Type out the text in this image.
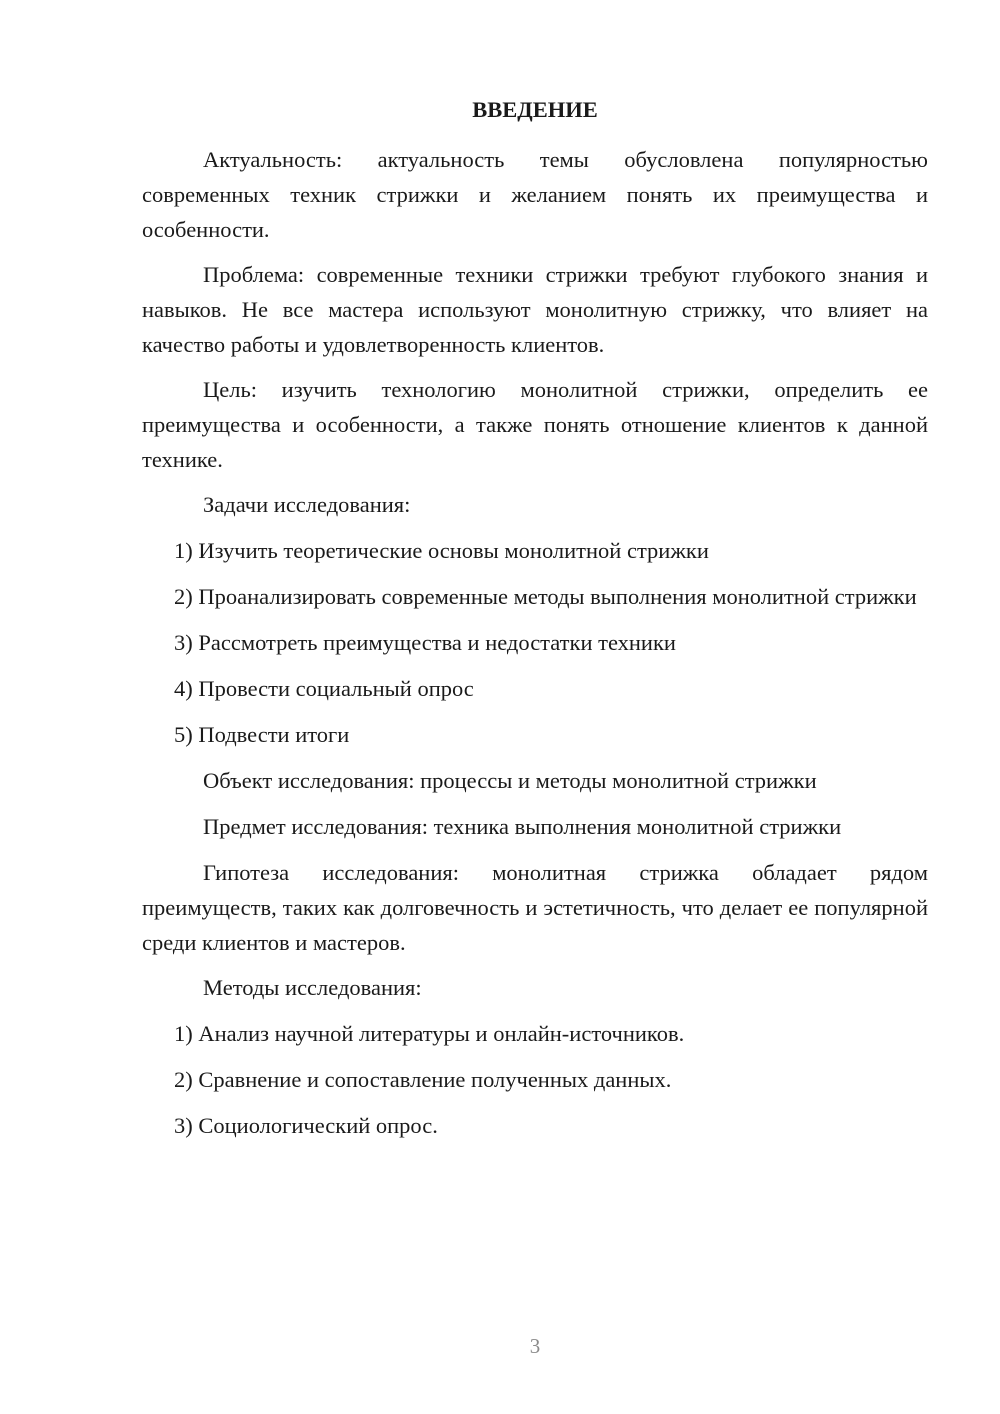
ВВЕДЕНИЕ
Актуальность: актуальность темы обусловлена популярностью современных техник стрижки и желанием понять их преимущества и особенности.
Проблема: современные техники стрижки требуют глубокого знания и навыков. Не все мастера используют монолитную стрижку, что влияет на качество работы и удовлетворенность клиентов.
Цель: изучить технологию монолитной стрижки, определить ее преимущества и особенности, а также понять отношение клиентов к данной технике.
Задачи исследования:
1) Изучить теоретические основы монолитной стрижки
2) Проанализировать современные методы выполнения монолитной стрижки
3) Рассмотреть преимущества и недостатки техники
4) Провести социальный опрос
5) Подвести итоги
Объект исследования: процессы и методы монолитной стрижки
Предмет исследования: техника выполнения монолитной стрижки
Гипотеза исследования: монолитная стрижка обладает рядом преимуществ, таких как долговечность и эстетичность, что делает ее популярной среди клиентов и мастеров.
Методы исследования:
1) Анализ научной литературы и онлайн-источников.
2) Сравнение и сопоставление полученных данных.
3) Социологический опрос.
3
